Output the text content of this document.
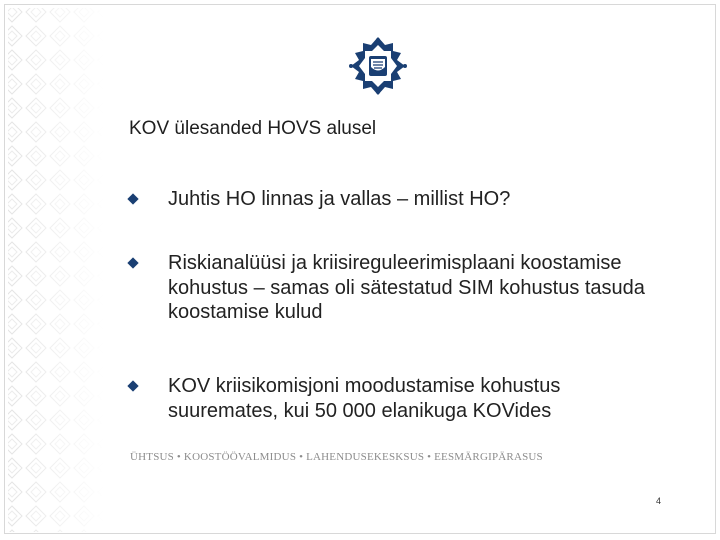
KOV ülesanded HOVS alusel
Juhtis HO linnas ja vallas – millist HO?
Riskianalüüsi ja kriisireguleerimisplaani koostamise kohustus – samas oli sätestatud SIM kohustus tasuda koostamise kulud
KOV kriisikomisjoni moodustamise kohustus suuremates, kui 50 000 elanikuga KOVides
ÜHTSUS • KOOSTÖÖVALMIDUS • LAHENDUSEKESKSUS • EESMÄRGIPÄRASUS
4
